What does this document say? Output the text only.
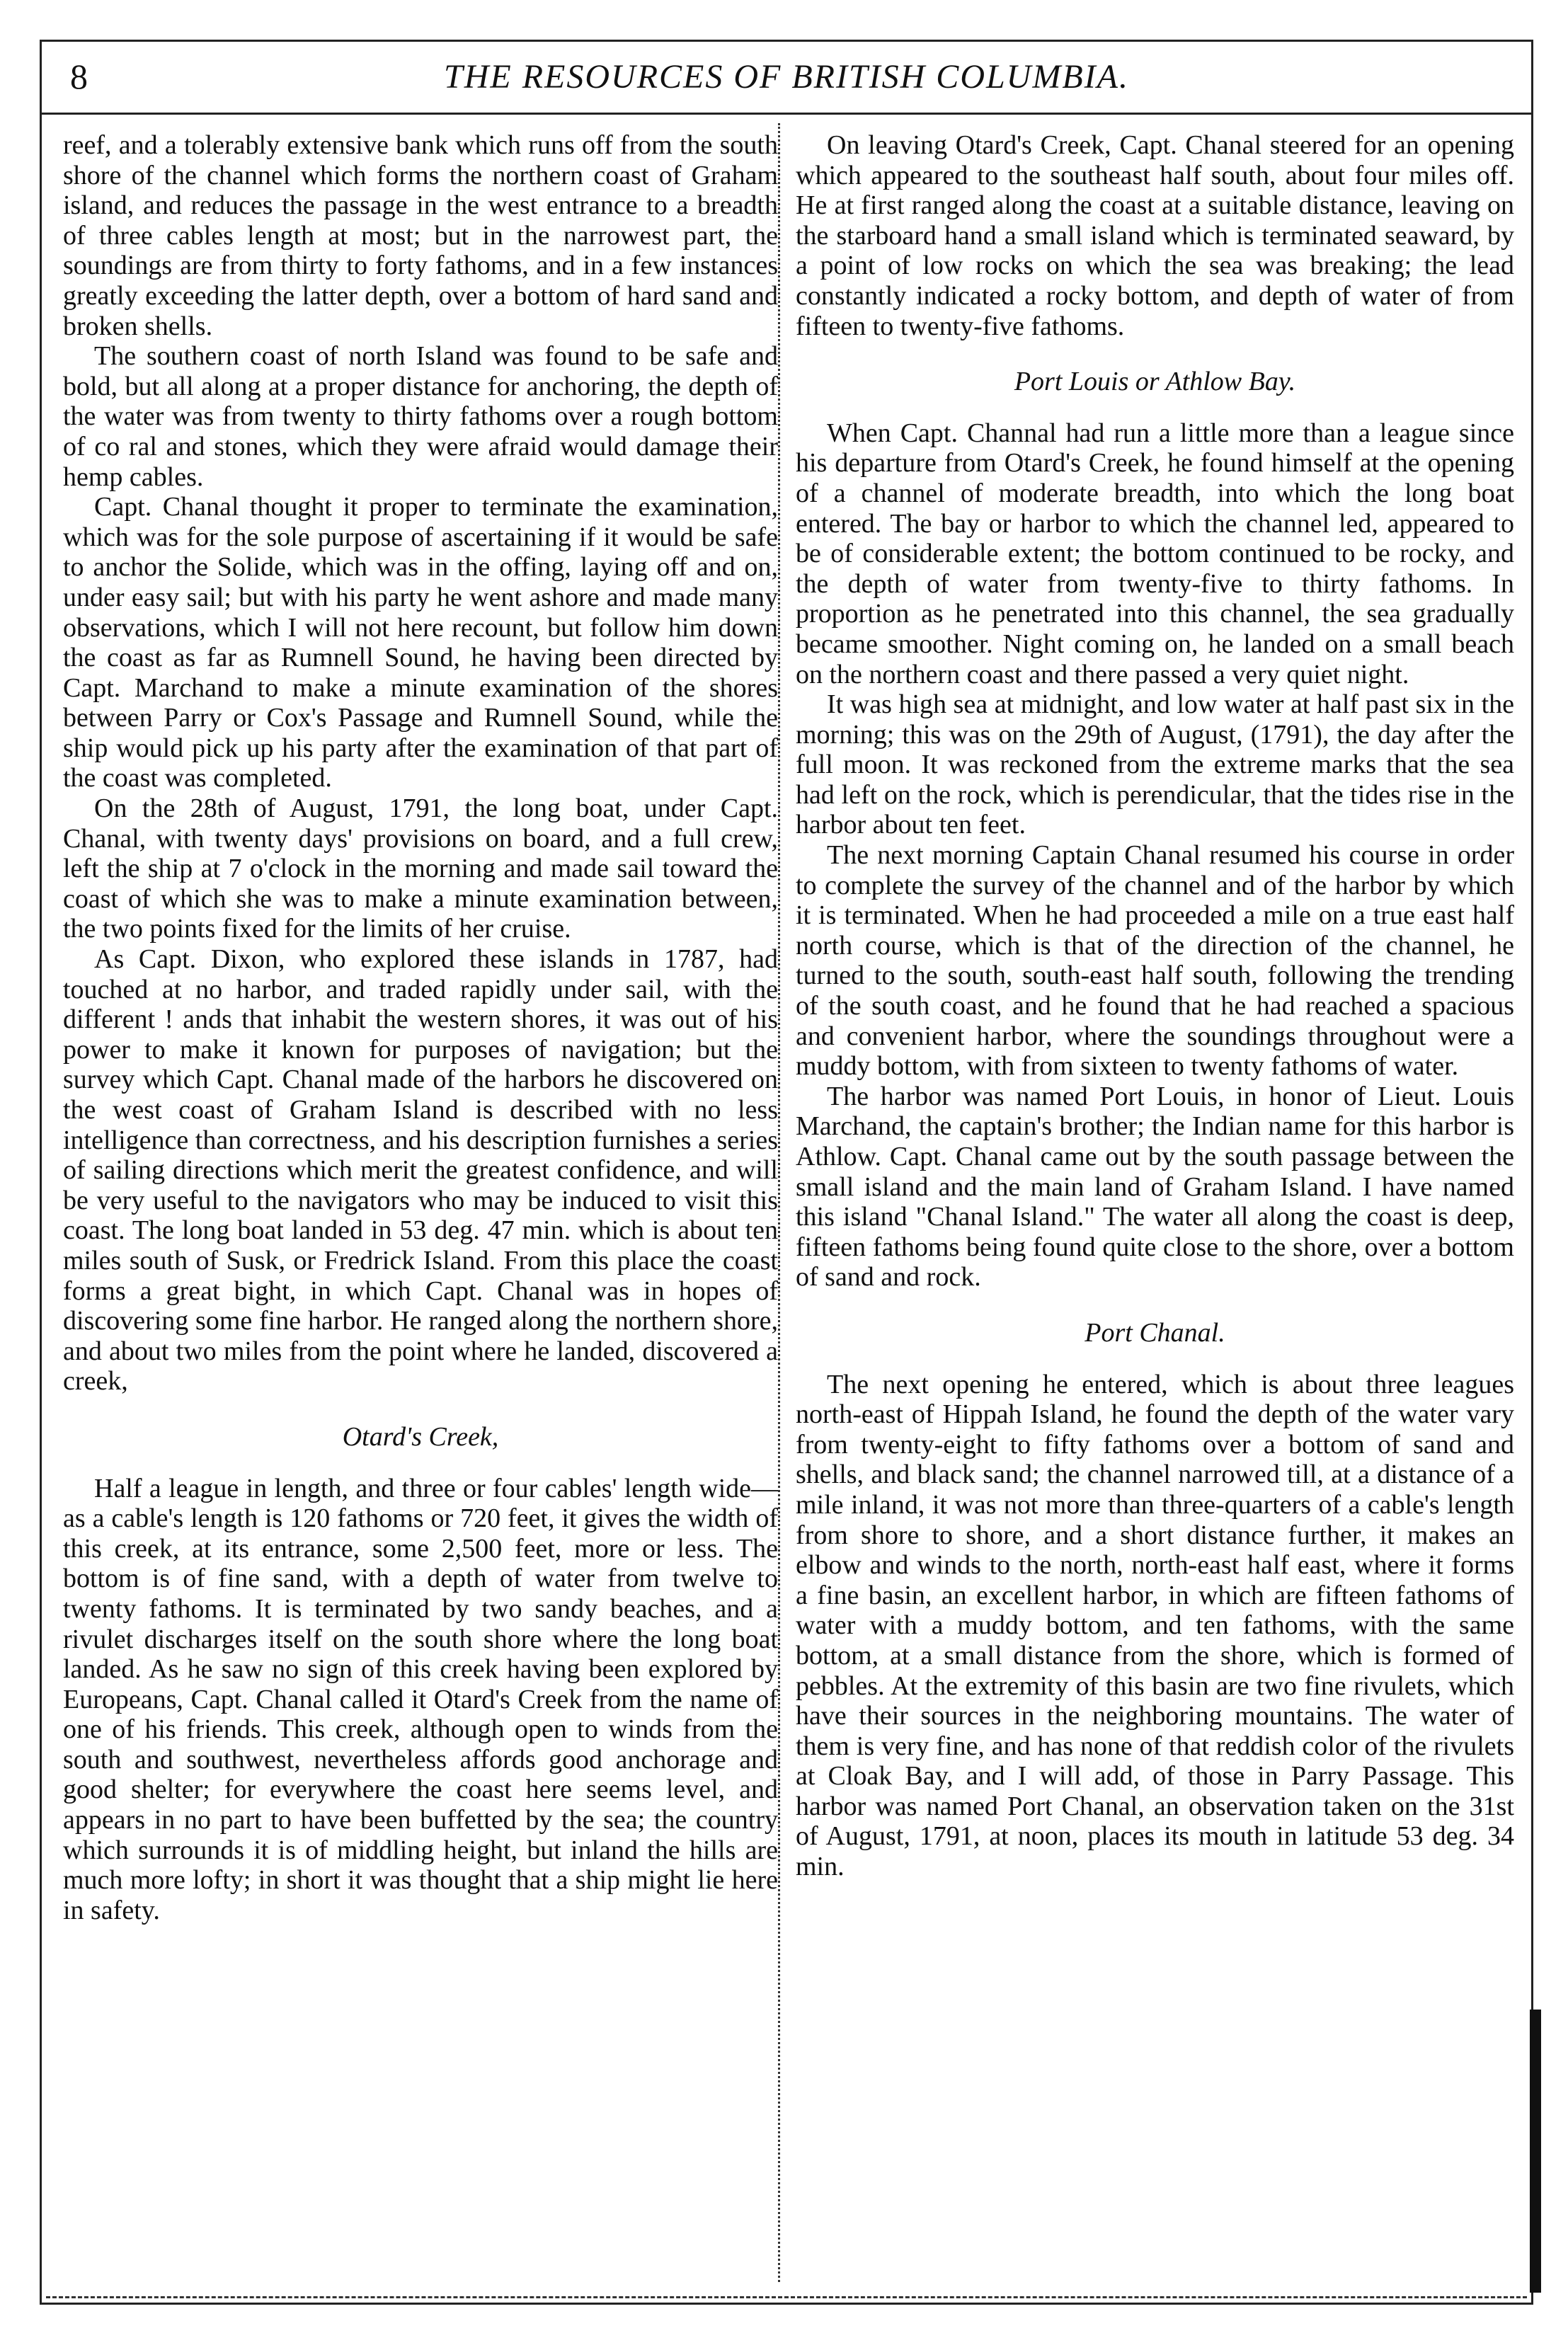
8	THE RESOURCES OF BRITISH COLUMBIA.

reef, and a tolerably extensive bank which runs off from the south shore of the channel which forms the northern coast of Graham island, and reduces the passage in the west entrance to a breadth of three cables length at most; but in the narrowest part, the soundings are from thirty to forty fathoms, and in a few instances greatly exceeding the latter depth, over a bottom of hard sand and broken shells.

The southern coast of north Island was found to be safe and bold, but all along at a proper distance for anchoring, the depth of the water was from twenty to thirty fathoms over a rough bottom of co ral and stones, which they were afraid would damage their hemp cables.

Capt. Chanal thought it proper to terminate the examination, which was for the sole purpose of ascertaining if it would be safe to anchor the Solide, which was in the offing, laying off and on, under easy sail; but with his party he went ashore and made many observations, which I will not here recount, but follow him down the coast as far as Rumnell Sound, he having been directed by Capt. Marchand to make a minute examination of the shores between Parry or Cox's Passage and Rumnell Sound, while the ship would pick up his party after the examination of that part of the coast was completed.

On the 28th of August, 1791, the long boat, under Capt. Chanal, with twenty days' provisions on board, and a full crew, left the ship at 7 o'clock in the morning and made sail toward the coast of which she was to make a minute examination between, the two points fixed for the limits of her cruise.

As Capt. Dixon, who explored these islands in 1787, had touched at no harbor, and traded rapidly under sail, with the different ! ands that inhabit the western shores, it was out of his power to make it known for purposes of navigation; but the survey which Capt. Chanal made of the harbors he discovered on the west coast of Graham Island is described with no less intelligence than correctness, and his description furnishes a series of sailing directions which merit the greatest confidence, and will be very useful to the navigators who may be induced to visit this coast. The long boat landed in 53 deg. 47 min. which is about ten miles south of Susk, or Fredrick Island. From this place the coast forms a great bight, in which Capt. Chanal was in hopes of discovering some fine harbor. He ranged along the northern shore, and about two miles from the point where he landed, discovered a creek,

Otard's Creek,

Half a league in length, and three or four cables' length wide—as a cable's length is 120 fathoms or 720 feet, it gives the width of this creek, at its entrance, some 2,500 feet, more or less. The bottom is of fine sand, with a depth of water from twelve to twenty fathoms. It is terminated by two sandy beaches, and a rivulet discharges itself on the south shore where the long boat landed. As he saw no sign of this creek having been explored by Europeans, Capt. Chanal called it Otard's Creek from the name of one of his friends. This creek, although open to winds from the south and southwest, nevertheless affords good anchorage and good shelter; for everywhere the coast here seems level, and appears in no part to have been buffetted by the sea; the country which surrounds it is of middling height, but inland the hills are much more lofty; in short it was thought that a ship might lie here in safety.

On leaving Otard's Creek, Capt. Chanal steered for an opening which appeared to the southeast half south, about four miles off. He at first ranged along the coast at a suitable distance, leaving on the starboard hand a small island which is terminated seaward, by a point of low rocks on which the sea was breaking; the lead constantly indicated a rocky bottom, and depth of water of from fifteen to twenty-five fathoms.

Port Louis or Athlow Bay.

When Capt. Channal had run a little more than a league since his departure from Otard's Creek, he found himself at the opening of a channel of moderate breadth, into which the long boat entered. The bay or harbor to which the channel led, appeared to be of considerable extent; the bottom continued to be rocky, and the depth of water from twenty-five to thirty fathoms. In proportion as he penetrated into this channel, the sea gradually became smoother. Night coming on, he landed on a small beach on the northern coast and there passed a very quiet night.

It was high sea at midnight, and low water at half past six in the morning; this was on the 29th of August, (1791), the day after the full moon. It was reckoned from the extreme marks that the sea had left on the rock, which is perendicular, that the tides rise in the harbor about ten feet.

The next morning Captain Chanal resumed his course in order to complete the survey of the channel and of the harbor by which it is terminated. When he had proceeded a mile on a true east half north course, which is that of the direction of the channel, he turned to the south, south-east half south, following the trending of the south coast, and he found that he had reached a spacious and convenient harbor, where the soundings throughout were a muddy bottom, with from sixteen to twenty fathoms of water.

The harbor was named Port Louis, in honor of Lieut. Louis Marchand, the captain's brother; the Indian name for this harbor is Athlow. Capt. Chanal came out by the south passage between the small island and the main land of Graham Island. I have named this island "Chanal Island." The water all along the coast is deep, fifteen fathoms being found quite close to the shore, over a bottom of sand and rock.

Port Chanal.

The next opening he entered, which is about three leagues north-east of Hippah Island, he found the depth of the water vary from twenty-eight to fifty fathoms over a bottom of sand and shells, and black sand; the channel narrowed till, at a distance of a mile inland, it was not more than three-quarters of a cable's length from shore to shore, and a short distance further, it makes an elbow and winds to the north, north-east half east, where it forms a fine basin, an excellent harbor, in which are fifteen fathoms of water with a muddy bottom, and ten fathoms, with the same bottom, at a small distance from the shore, which is formed of pebbles. At the extremity of this basin are two fine rivulets, which have their sources in the neighboring mountains. The water of them is very fine, and has none of that reddish color of the rivulets at Cloak Bay, and I will add, of those in Parry Passage. This harbor was named Port Chanal, an observation taken on the 31st of August, 1791, at noon, places its mouth in latitude 53 deg. 34 min.
